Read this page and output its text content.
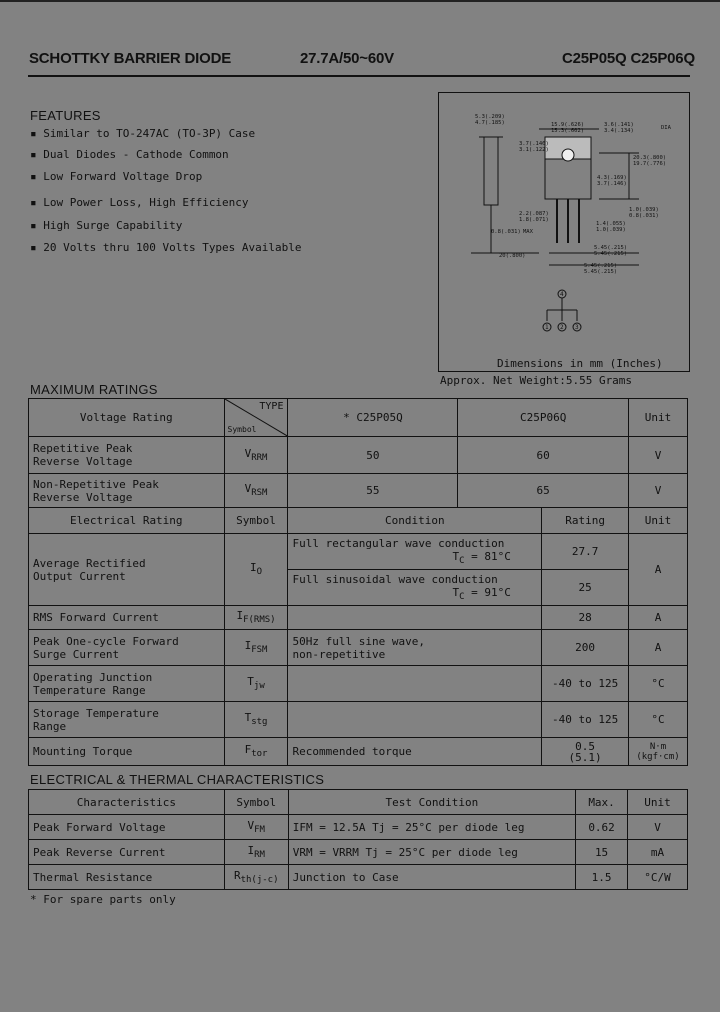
SCHOTTKY BARRIER DIODE	27.7A/50~60V	C25P05Q C25P06Q
FEATURES
▪ Similar to TO-247AC (TO-3P) Case
▪ Dual Diodes - Cathode Common
▪ Low Forward Voltage Drop
▪ Low Power Loss, High Efficiency
▪ High Surge Capability
▪ 20 Volts thru 100 Volts Types Available
5.3(.209)
4.7(.185)	15.9(.626)
15.3(.602)
3.6(.141)
3.4(.134)	DIA
3.7(.146)
3.1(.122)
20.3(.800)
19.7(.776)
4.3(.169)
3.7(.146)
2.2(.087)
1.8(.071)
1.4(.055)
1.0(.039)
1.0(.039)
0.8(.031)
0.8(.031) MAX
20(.800)
5.45(.215)
5.45(.215)
5.45(.215)
5.45(.215)
4
1 2 3
Dimensions in mm (Inches)
Approx. Net Weight:5.55 Grams
MAXIMUM RATINGS
Voltage Rating	TYPE
Symbol	* C25P05Q	C25P06Q		Unit
Repetitive Peak
Reverse Voltage	$V_{RRM}$	50	60		V
Non-Repetitive Peak
Reverse Voltage	$V_{RSM}$	55	65		V
Electrical Rating	Symbol	Condition		Rating	Unit
Average Rectified
Output Current	$I_O$	Full rectangular wave conduction
$T_C = 81^\circ C$		27.7	A
		Full sinusoidal wave conduction
$T_C = 91^\circ C$		25	
RMS Forward Current	$I_{F(RMS)}$			28	A
Peak One-cycle Forward
Surge Current	$I_{FSM}$	50Hz full sine wave,
non-repetitive		200	A
Operating Junction
Temperature Range	$T_{jw}$			-40 to 125	°C
Storage Temperature
Range	$T_{stg}$			-40 to 125	°C
Mounting Torque	$F_{tor}$	Recommended torque		0.5
(5.1)	N·m
(kgf·cm)
ELECTRICAL & THERMAL CHARACTERISTICS
Characteristics	Symbol	Test Condition	Max.	Unit
Peak Forward Voltage	$V_{FM}$	IFM = 12.5A Tj = 25°C per diode leg	0.62	V
Peak Reverse Current	$I_{RM}$	VRM = VRRM Tj = 25°C per diode leg	15	mA
Thermal Resistance	$R_{th(j-c)}$	Junction to Case	1.5	°C/W
* For spare parts only
